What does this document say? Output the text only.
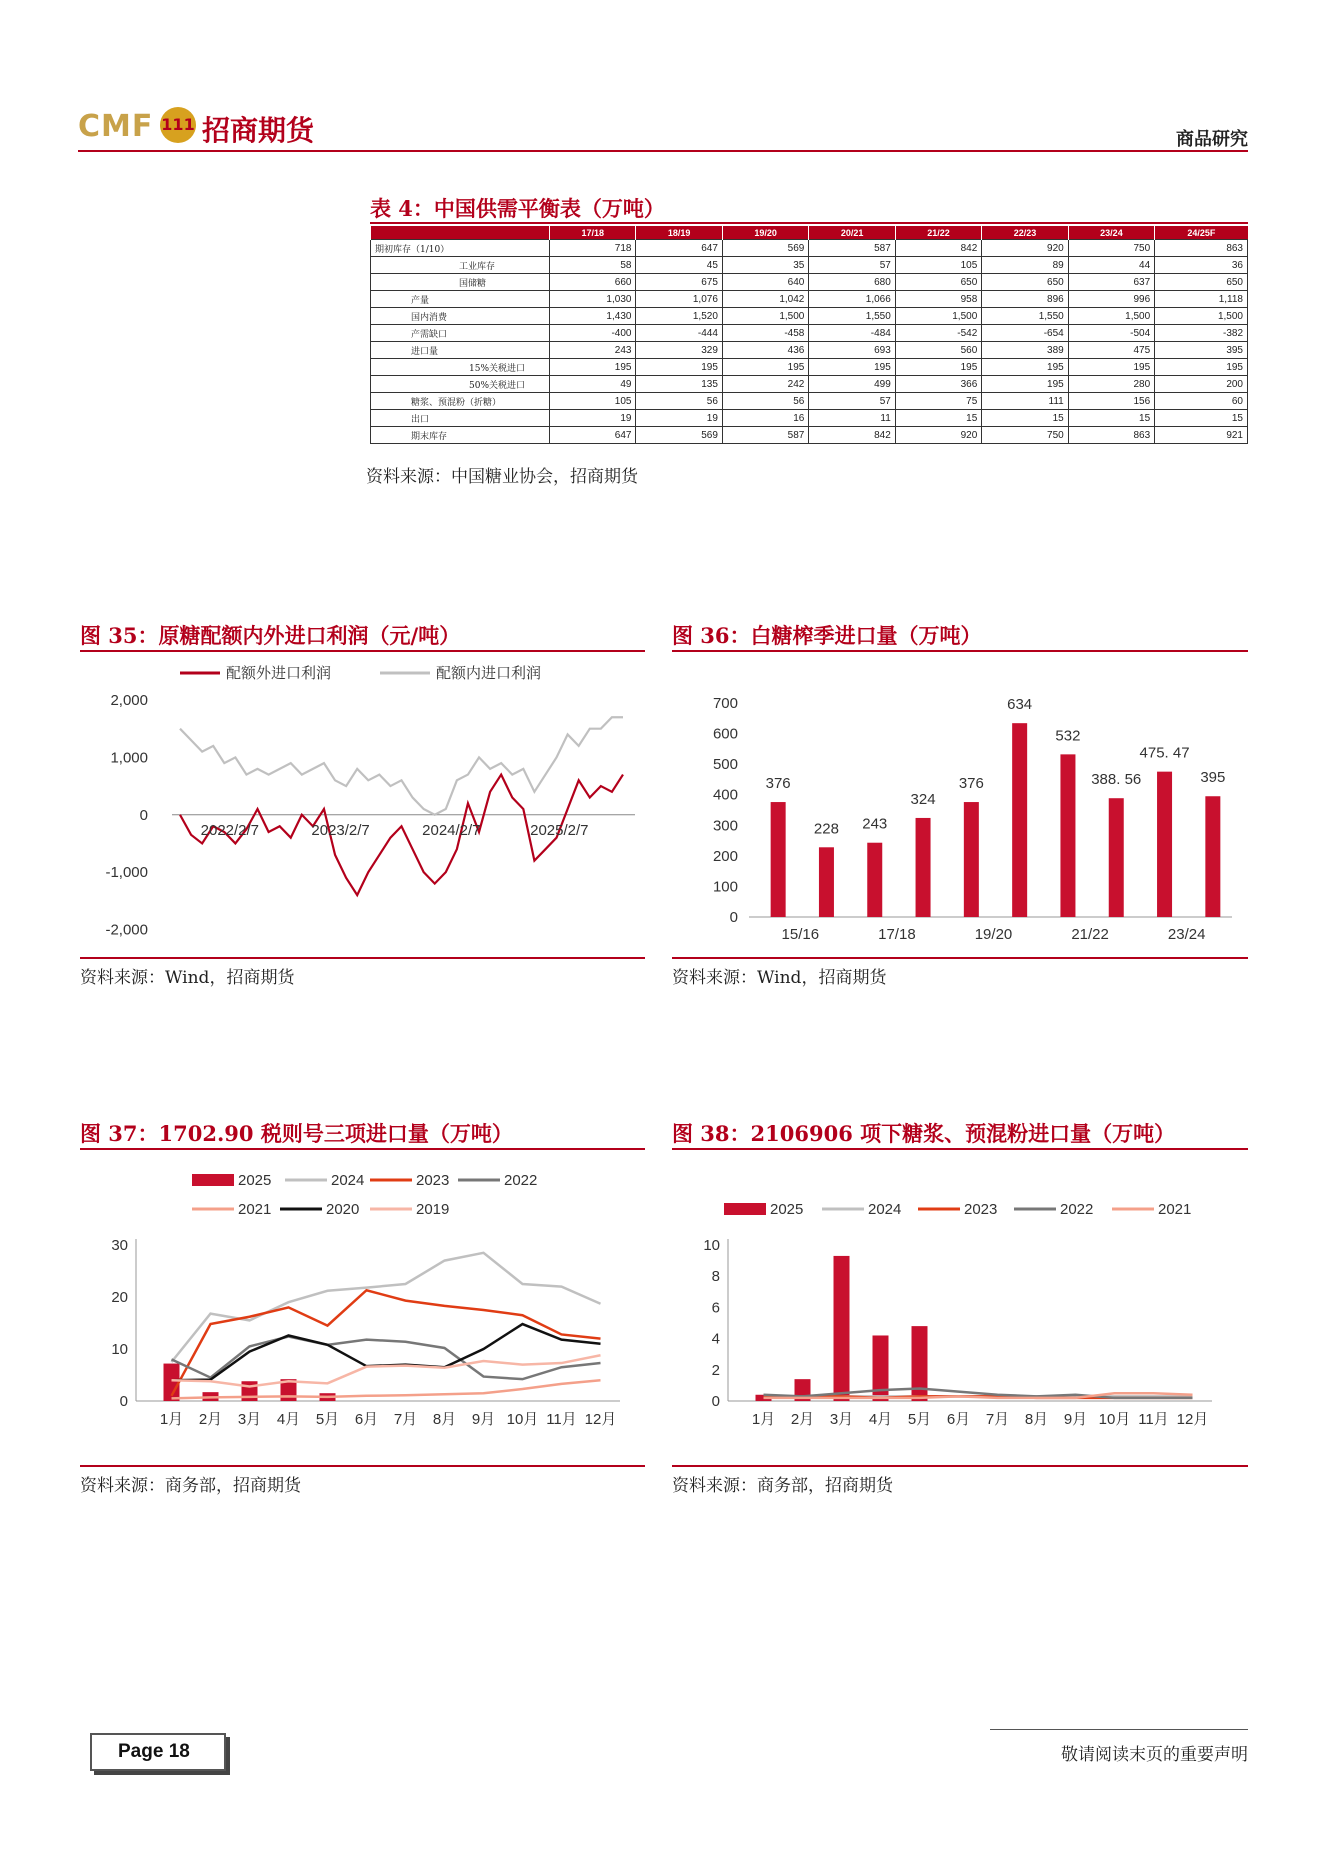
CMF 111 招商期货	商品研究
表 4：中国供需平衡表（万吨）
	17/18	18/19	19/20	20/21	21/22	22/23	23/24	24/25F
期初库存（1/10）	718	647	569	587	842	920	750	863
工业库存	58	45	35	57	105	89	44	36
国储糖	660	675	640	680	650	650	637	650
产量	1,030	1,076	1,042	1,066	958	896	996	1,118
国内消费	1,430	1,520	1,500	1,550	1,500	1,550	1,500	1,500
产需缺口	-400	-444	-458	-484	-542	-654	-504	-382
进口量	243	329	436	693	560	389	475	395
15%关税进口	195	195	195	195	195	195	195	195
50%关税进口	49	135	242	499	366	195	280	200
糖浆、预混粉（折糖）	105	56	56	57	75	111	156	60
出口	19	19	16	11	15	15	15	15
期末库存	647	569	587	842	920	750	863	921
资料来源：中国糖业协会，招商期货
图 35：原糖配额内外进口利润（元/吨）
配额外进口利润	配额内进口利润
2,000
1,000
0
-1,000
-2,000
2022/2/7	2023/2/7	2024/2/7	2025/2/7
资料来源：Wind，招商期货
图 36：白糖榨季进口量（万吨）
0
100
200
300
400
500
600
700
376
15/16
228 243
17/18
324
376
19/20
634
532
21/22
388. 56
475. 47
23/24
395
资料来源：Wind，招商期货
图 37：1702.90 税则号三项进口量（万吨）
2025	2024	2023	2022
2021	2020	2019
0
10
20
30
1月 2月 3月 4月 5月 6月 7月 8月 9月 10月 11月 12月
资料来源：商务部，招商期货
图 38：2106906 项下糖浆、预混粉进口量（万吨）
2025	2024	2023	2022	2021
0
2
4
6
8
10
1月 2月 3月 4月 5月 6月 7月 8月 9月 10月 11月 12月
资料来源：商务部，招商期货
Page 18	敬请阅读末页的重要声明
